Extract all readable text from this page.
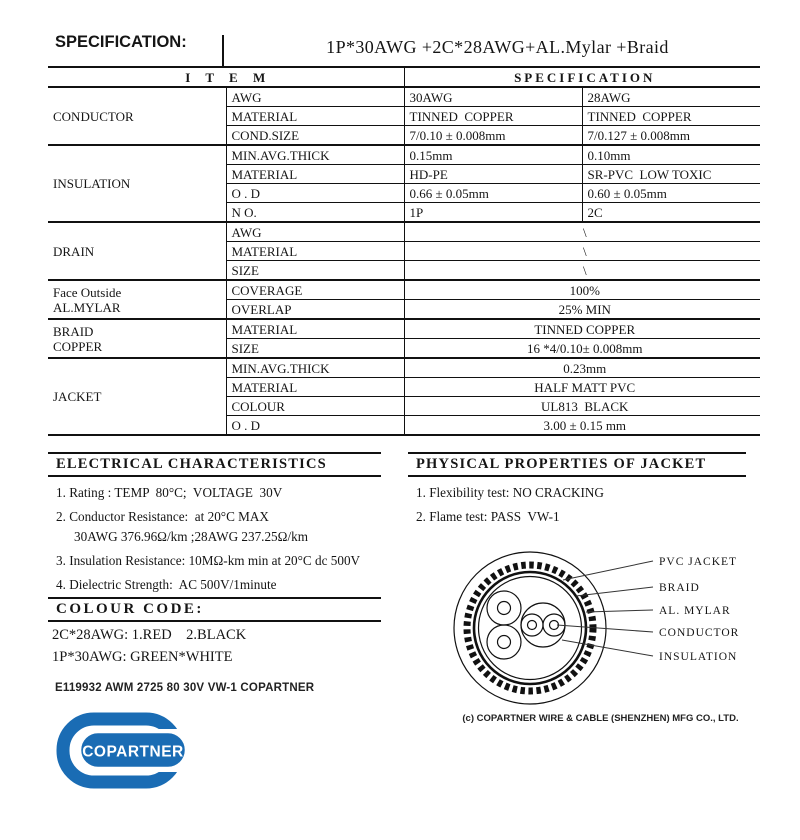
SPECIFICATION:	1P*30AWG +2C*28AWG+AL.Mylar +Braid
I T E M		SPECIFICATION	

CONDUCTOR	AWG	30AWG	28AWG
	MATERIAL	TINNED  COPPER	TINNED  COPPER
	COND.SIZE	7/0.10 ± 0.008mm	7/0.127 ± 0.008mm

INSULATION	MIN.AVG.THICK	0.15mm	0.10mm
	MATERIAL	HD-PE	SR-PVC  LOW TOXIC
	O . D	0.66 ± 0.05mm	0.60 ± 0.05mm
	N O.	1P	2C

DRAIN	AWG	\	
	MATERIAL	\	
	SIZE	\	

Face Outside
AL.MYLAR	COVERAGE	100%	
	OVERLAP	25% MIN	

BRAID
COPPER	MATERIAL	TINNED COPPER	
	SIZE	16 *4/0.10± 0.008mm	

JACKET	MIN.AVG.THICK	0.23mm	
	MATERIAL	HALF MATT PVC	
	COLOUR	UL813  BLACK	
	O . D	3.00 ± 0.15 mm	
ELECTRICAL CHARACTERISTICS
1. Rating : TEMP  80°C;  VOLTAGE  30V
2. Conductor Resistance:  at 20°C MAX
30AWG 376.96Ω/km ;28AWG 237.25Ω/km
3. Insulation Resistance: 10MΩ-km min at 20°C dc 500V
4. Dielectric Strength:  AC 500V/1minute
PHYSICAL PROPERTIES OF JACKET
1. Flexibility test: NO CRACKING
2. Flame test: PASS  VW-1
COLOUR CODE:
2C*28AWG: 1.RED    2.BLACK
1P*30AWG: GREEN*WHITE
E119932 AWM 2725 80 30V VW-1 COPARTNER
PVC JACKET
BRAID
AL. MYLAR
CONDUCTOR
INSULATION
(c) COPARTNER WIRE & CABLE (SHENZHEN) MFG CO., LTD.
COPARTNER
